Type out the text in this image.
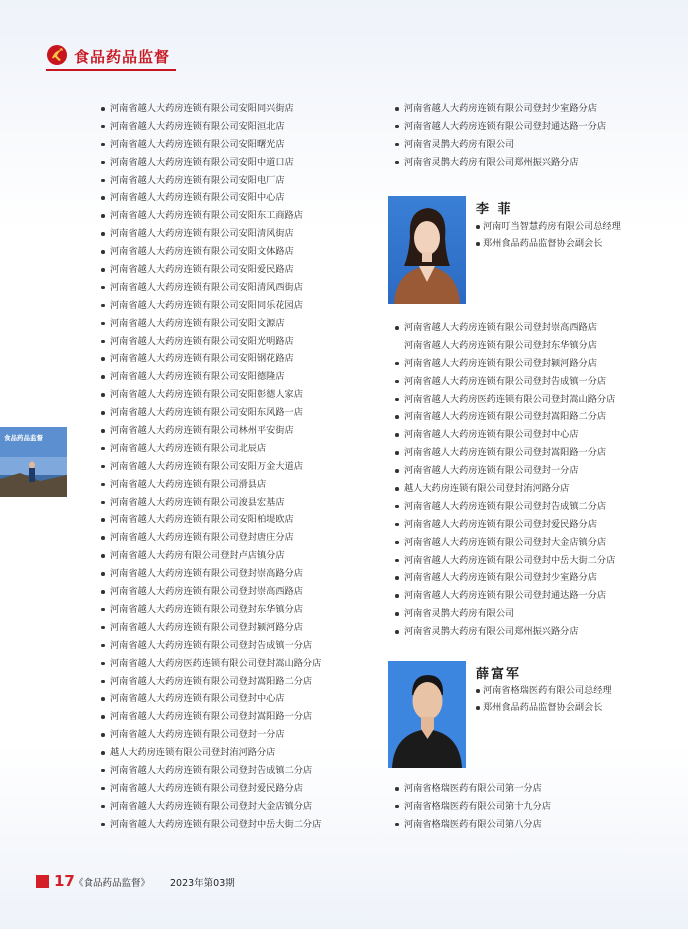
食品药品监督
河南省越人大药房连锁有限公司安阳同兴街店
河南省越人大药房连锁有限公司安阳洹北店
河南省越人大药房连锁有限公司安阳曙光店
河南省越人大药房连锁有限公司安阳中道口店
河南省越人大药房连锁有限公司安阳电厂店
河南省越人大药房连锁有限公司安阳中心店
河南省越人大药房连锁有限公司安阳东工商路店
河南省越人大药房连锁有限公司安阳清风街店
河南省越人大药房连锁有限公司安阳文体路店
河南省越人大药房连锁有限公司安阳爱民路店
河南省越人大药房连锁有限公司安阳清风西街店
河南省越人大药房连锁有限公司安阳同乐花园店
河南省越人大药房连锁有限公司安阳文源店
河南省越人大药房连锁有限公司安阳光明路店
河南省越人大药房连锁有限公司安阳钢花路店
河南省越人大药房连锁有限公司安阳德隆店
河南省越人大药房连锁有限公司安阳彰德人家店
河南省越人大药房连锁有限公司安阳东风路一店
河南省越人大药房连锁有限公司林州平安街店
河南省越人大药房连锁有限公司北辰店
河南省越人大药房连锁有限公司安阳万金大道店
河南省越人大药房连锁有限公司滑县店
河南省越人大药房连锁有限公司浚县宏基店
河南省越人大药房连锁有限公司安阳柏堤欧店
河南省越人大药房连锁有限公司登封唐庄分店
河南省越人大药房有限公司登封卢店镇分店
河南省越人大药房连锁有限公司登封崇高路分店
河南省越人大药房连锁有限公司登封崇高西路店
河南省越人大药房连锁有限公司登封东华镇分店
河南省越人大药房连锁有限公司登封颍河路分店
河南省越人大药房连锁有限公司登封告成镇一分店
河南省越人大药房医药连锁有限公司登封嵩山路分店
河南省越人大药房连锁有限公司登封嵩阳路二分店
河南省越人大药房连锁有限公司登封中心店
河南省越人大药房连锁有限公司登封嵩阳路一分店
河南省越人大药房连锁有限公司登封一分店
越人大药房连锁有限公司登封洧河路分店
河南省越人大药房连锁有限公司登封告成镇二分店
河南省越人大药房连锁有限公司登封爱民路分店
河南省越人大药房连锁有限公司登封大金店镇分店
河南省越人大药房连锁有限公司登封中岳大街二分店
河南省越人大药房连锁有限公司登封少室路分店
河南省越人大药房连锁有限公司登封通达路一分店
河南省灵鹊大药房有限公司
河南省灵鹊大药房有限公司郑州振兴路分店
李 菲
河南叮当智慧药房有限公司总经理
郑州食品药品监督协会副会长
河南省越人大药房连锁有限公司登封崇高西路店
河南省越人大药房连锁有限公司登封东华镇分店
河南省越人大药房连锁有限公司登封颍河路分店
河南省越人大药房连锁有限公司登封告成镇一分店
河南省越人大药房医药连锁有限公司登封嵩山路分店
河南省越人大药房连锁有限公司登封嵩阳路二分店
河南省越人大药房连锁有限公司登封中心店
河南省越人大药房连锁有限公司登封嵩阳路一分店
河南省越人大药房连锁有限公司登封一分店
越人大药房连锁有限公司登封洧河路分店
河南省越人大药房连锁有限公司登封告成镇二分店
河南省越人大药房连锁有限公司登封爱民路分店
河南省越人大药房连锁有限公司登封大金店镇分店
河南省越人大药房连锁有限公司登封中岳大街二分店
河南省越人大药房连锁有限公司登封少室路分店
河南省越人大药房连锁有限公司登封通达路一分店
河南省灵鹊大药房有限公司
河南省灵鹊大药房有限公司郑州振兴路分店
薛富军
河南省格瑞医药有限公司总经理
郑州食品药品监督协会副会长
河南省格瑞医药有限公司第一分店
河南省格瑞医药有限公司第十九分店
河南省格瑞医药有限公司第八分店
食品药品监督
17 《食品药品监督》 2023年第03期
